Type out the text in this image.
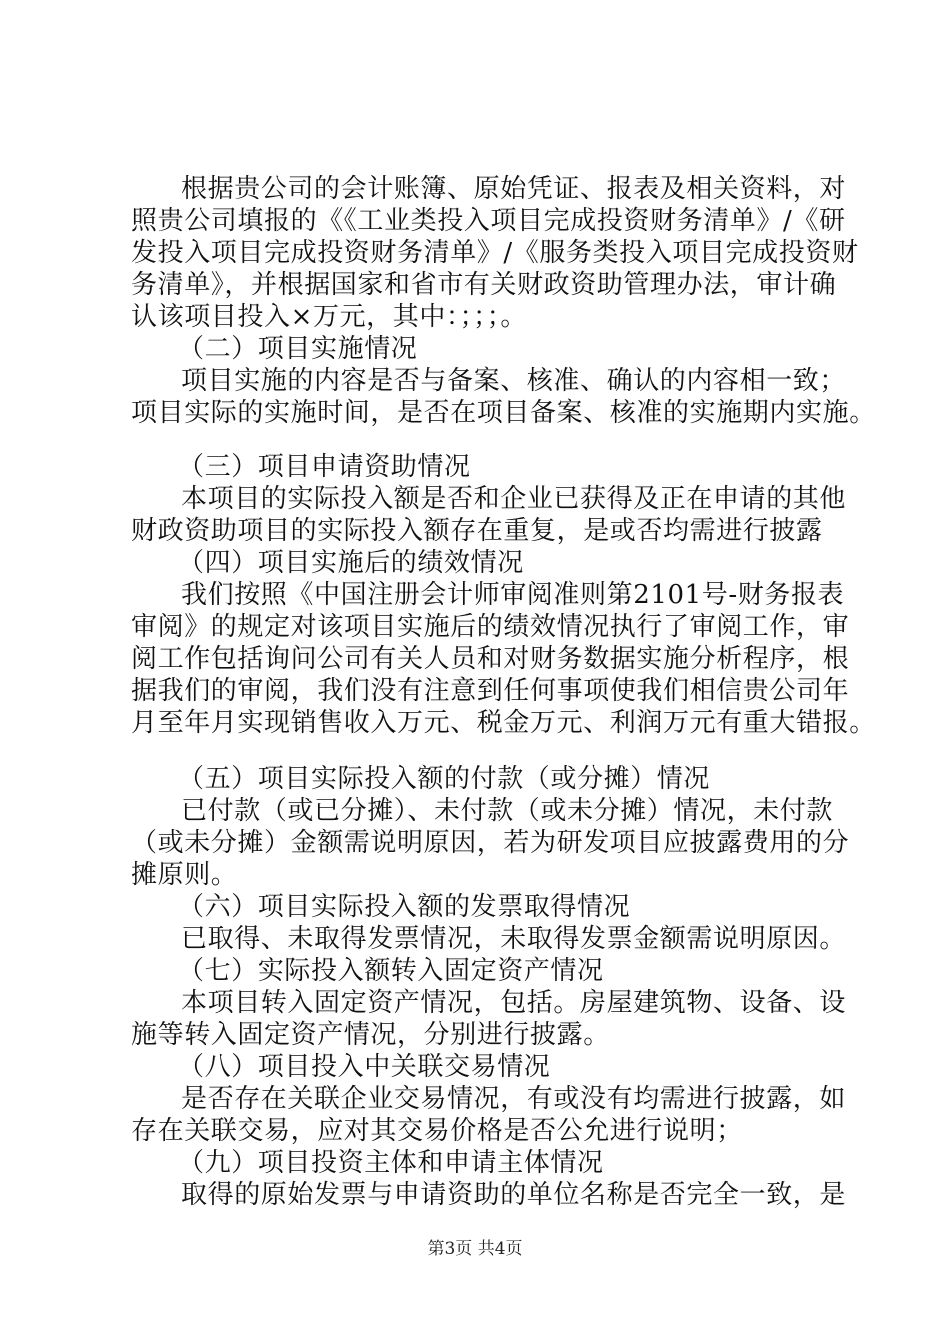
根据贵公司的会计账簿、原始凭证、报表及相关资料，对
照贵公司填报的《《工业类投入项目完成投资财务清单》/《研
发投入项目完成投资财务清单》/《服务类投入项目完成投资财
务清单》，并根据国家和省市有关财政资助管理办法，审计确
认该项目投入×万元，其中：；；；。
（二）项目实施情况
项目实施的内容是否与备案、核准、确认的内容相一致；
项目实际的实施时间，是否在项目备案、核准的实施期内实施。
（三）项目申请资助情况
本项目的实际投入额是否和企业已获得及正在申请的其他
财政资助项目的实际投入额存在重复，是或否均需进行披露
（四）项目实施后的绩效情况
我们按照《中国注册会计师审阅准则第2101号-财务报表
审阅》的规定对该项目实施后的绩效情况执行了审阅工作，审
阅工作包括询问公司有关人员和对财务数据实施分析程序，根
据我们的审阅，我们没有注意到任何事项使我们相信贵公司年
月至年月实现销售收入万元、税金万元、利润万元有重大错报。
（五）项目实际投入额的付款（或分摊）情况
已付款（或已分摊）、未付款（或未分摊）情况，未付款
（或未分摊）金额需说明原因，若为研发项目应披露费用的分
摊原则。
（六）项目实际投入额的发票取得情况
已取得、未取得发票情况，未取得发票金额需说明原因。
（七）实际投入额转入固定资产情况
本项目转入固定资产情况，包括。房屋建筑物、设备、设
施等转入固定资产情况，分别进行披露。
（八）项目投入中关联交易情况
是否存在关联企业交易情况，有或没有均需进行披露，如
存在关联交易，应对其交易价格是否公允进行说明；
（九）项目投资主体和申请主体情况
取得的原始发票与申请资助的单位名称是否完全一致，是
第3页 共4页
